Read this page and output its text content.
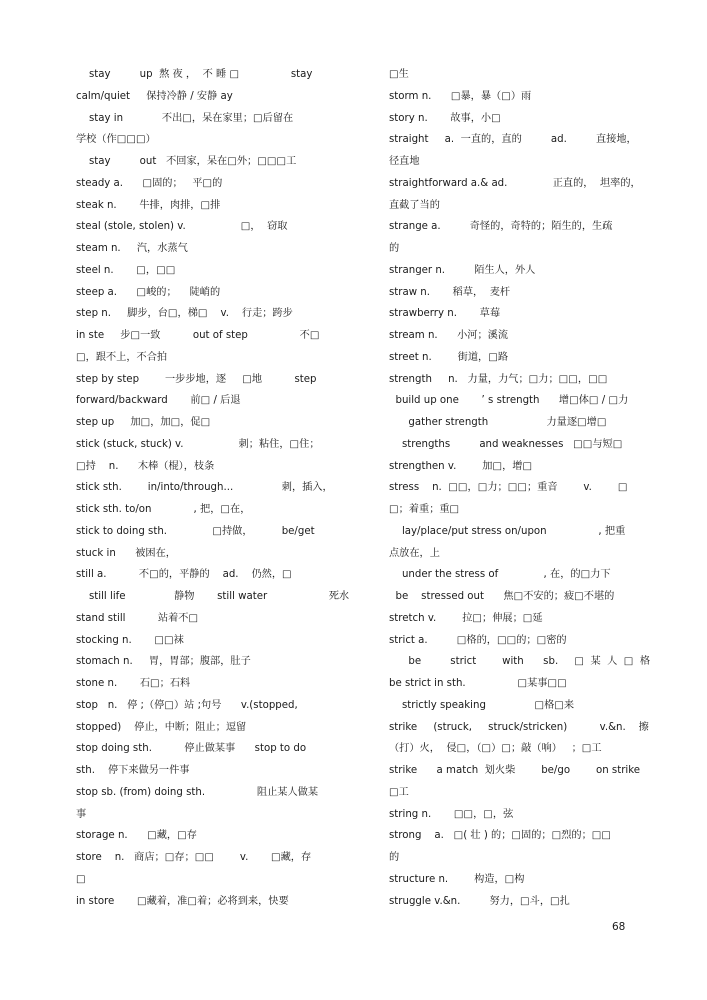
stay         up  熬 夜 ，  不 睡 □                stay
calm/quiet     保持冷静 / 安静 ay
stay in            不出□，呆在家里；□后留在
学校（作□□□）
stay         out   不回家，呆在□外；□□□工
steady a.      □固的；   平□的
steak n.       牛排，肉排，□排
steal (stole, stolen) v.                 □，  窃取
steam n.     汽，水蒸气
steel n.       □，□□
steep a.      □峻的；    陡峭的
step n.     脚步，台□，梯□    v.    行走；跨步
in ste     步□一致          out of step                不□
□，跟不上，不合拍
step by step        一步步地，逐     □地          step
forward/backward       前□ / 后退
step up     加□，加□，促□
stick (stuck, stuck) v.                 刺；粘住，□住；
□持    n.      木棒（棍），枝条
stick sth.        in/into/through...               刺，插入，
stick sth. to/on             , 把，□在，
stick to doing sth.              □持做，         be/get
stuck in      被困在，
still a.          不□的，平静的    ad.    仍然，□
still life               静物       still water                   死水
stand still          站着不□
stocking n.       □□袜
stomach n.     胃，胃部；腹部，肚子
stone n.       石□；石料
stop   n.   停 ;（停□）站 ;句号      v.(stopped,
stopped)    停止，中断；阻止；逗留
stop doing sth.          停止做某事      stop to do
sth.    停下来做另一件事
stop sb. (from) doing sth.                阻止某人做某
事
storage n.      □藏，□存
store    n.   商店；□存；□□        v.       □藏，存
□
in store       □藏着，准□着；必将到来，快要
□生
storm n.      □暴，暴（□）雨
story n.       故事，小□
straight     a.  一直的，直的         ad.         直接地，
径直地
straightforward a.& ad.              正直的，  坦率的，
直截了当的
strange a.         奇怪的，奇特的；陌生的，生疏
的
stranger n.         陌生人，外人
straw n.       稻草，  麦杆
strawberry n.       草莓
stream n.      小河；溪流
street n.        街道，□路
strength     n.   力量，力气；□力；□□，□□
build up one       ’ s strength      增□体□ / □力
gather strength                  力量逐□增□
strengths         and weaknesses   □□与短□
strengthen v.        加□，增□
stress    n.  □□，□力；□□；重音        v.        □
□；着重；重□
lay/place/put stress on/upon                , 把重
点放在，上
under the stress of              , 在，的□力下
be    stressed out      焦□不安的；疲□不堪的
stretch v.        拉□；伸展；□延
strict a.         □格的，□□的；□密的
be         strict        with      sb.     □  某  人  □  格
be strict in sth.                □某事□□
strictly speaking               □格□来
strike     (struck,     struck/stricken)          v.&n.    擦
（打）火，  侵□，（□）□；敲（响）   ；□工
strike      a match  划火柴        be/go        on strike
□工
string n.       □□，□，弦
strong    a.   □( 壮 ) 的；□固的；□烈的；□□
的
structure n.        构造，□构
struggle v.&n.         努力，□斗，□扎
68
